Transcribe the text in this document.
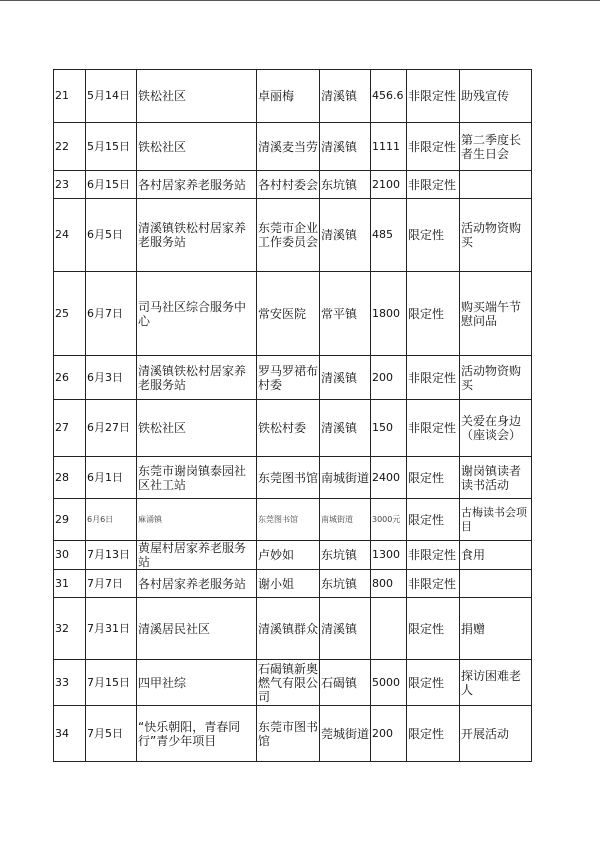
21	5月14日	铁松社区	卓丽梅	清溪镇	456.6	非限定性	助残宣传
22	5月15日	铁松社区	清溪麦当劳	清溪镇	1111	非限定性	第二季度长者生日会
23	6月15日	各村居家养老服务站	各村村委会	东坑镇	2100	非限定性	
24	6月5日	清溪镇铁松村居家养老服务站	东莞市企业工作委员会	清溪镇	485	限定性	活动物资购买
25	6月7日	司马社区综合服务中心	常安医院	常平镇	1800	限定性	购买端午节慰问品
26	6月3日	清溪镇铁松村居家养老服务站	罗马罗裙布村委	清溪镇	200	非限定性	活动物资购买
27	6月27日	铁松社区	铁松村委	清溪镇	150	非限定性	关爱在身边（座谈会）
28	6月1日	东莞市谢岗镇泰园社区社工站	东莞图书馆	南城街道	2400	限定性	谢岗镇读者读书活动
29	6月6日	麻涌镇	东莞图书馆	南城街道	3000元	限定性	古梅读书会项目
30	7月13日	黄屋村居家养老服务站	卢妙如	东坑镇	1300	非限定性	食用
31	7月7日	各村居家养老服务站	谢小姐	东坑镇	800	非限定性	
32	7月31日	清溪居民社区	清溪镇群众	清溪镇		限定性	捐赠
33	7月15日	四甲社综	石碣镇新奥燃气有限公司	石碣镇	5000	限定性	探访困难老人
34	7月5日	“快乐朝阳，青春同行”青少年项目	东莞市图书馆	莞城街道	200	限定性	开展活动
